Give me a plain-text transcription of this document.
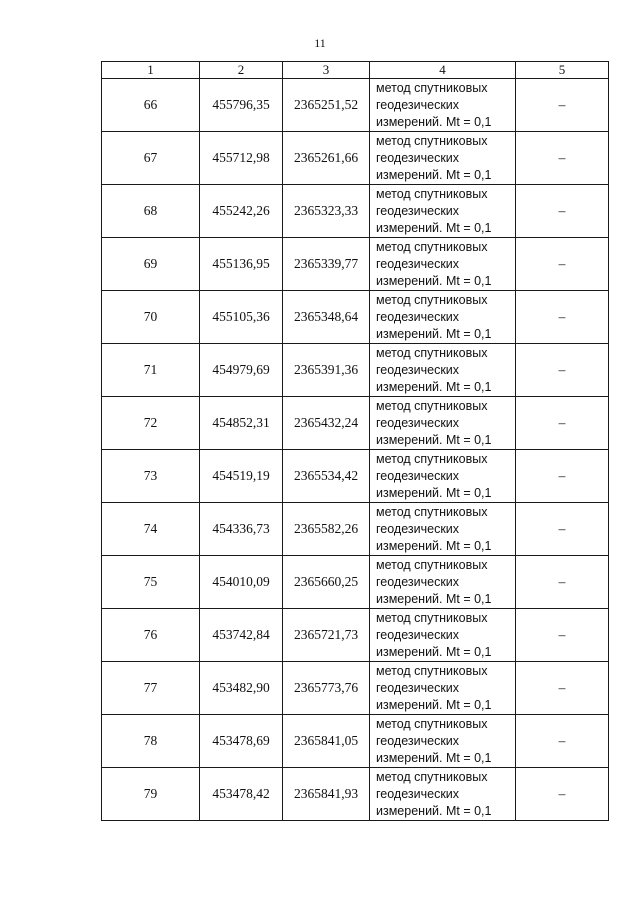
11
1	2	3	4	5
66	455796,35	2365251,52	метод спутниковых
геодезических
измерений. Mt = 0,1	–
67	455712,98	2365261,66	метод спутниковых
геодезических
измерений. Mt = 0,1	–
68	455242,26	2365323,33	метод спутниковых
геодезических
измерений. Mt = 0,1	–
69	455136,95	2365339,77	метод спутниковых
геодезических
измерений. Mt = 0,1	–
70	455105,36	2365348,64	метод спутниковых
геодезических
измерений. Mt = 0,1	–
71	454979,69	2365391,36	метод спутниковых
геодезических
измерений. Mt = 0,1	–
72	454852,31	2365432,24	метод спутниковых
геодезических
измерений. Mt = 0,1	–
73	454519,19	2365534,42	метод спутниковых
геодезических
измерений. Mt = 0,1	–
74	454336,73	2365582,26	метод спутниковых
геодезических
измерений. Mt = 0,1	–
75	454010,09	2365660,25	метод спутниковых
геодезических
измерений. Mt = 0,1	–
76	453742,84	2365721,73	метод спутниковых
геодезических
измерений. Mt = 0,1	–
77	453482,90	2365773,76	метод спутниковых
геодезических
измерений. Mt = 0,1	–
78	453478,69	2365841,05	метод спутниковых
геодезических
измерений. Mt = 0,1	–
79	453478,42	2365841,93	метод спутниковых
геодезических
измерений. Mt = 0,1	–
